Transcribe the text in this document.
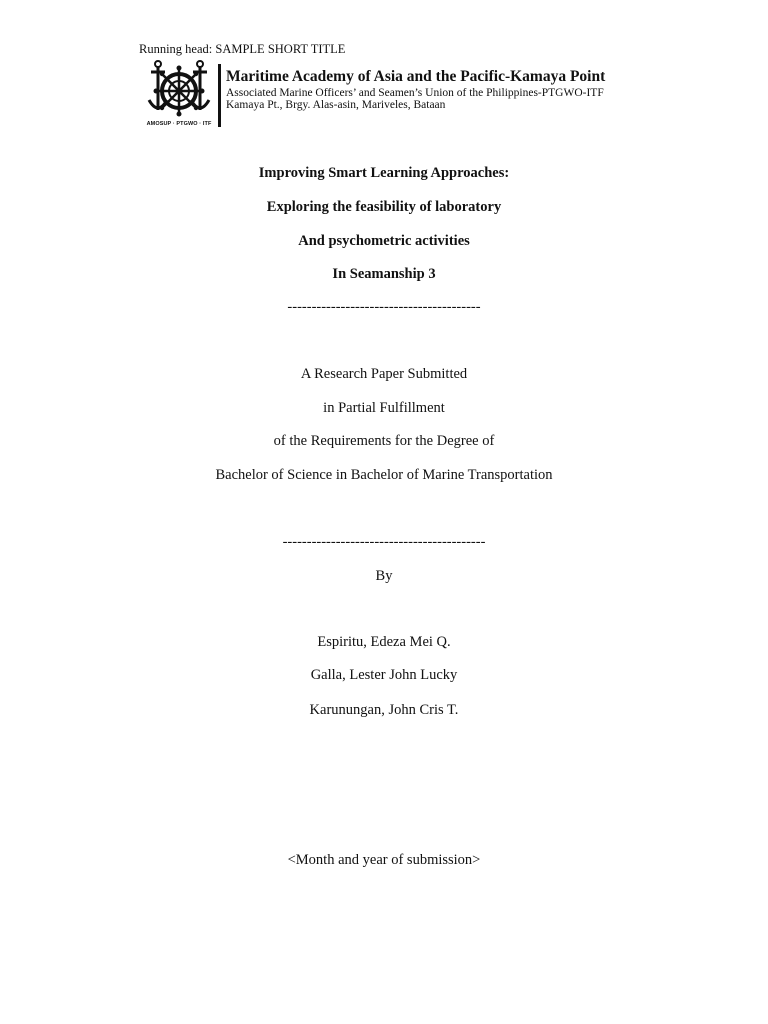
Running head: SAMPLE SHORT TITLE
AMOSUP · PTGWO · ITF
Maritime Academy of Asia and the Pacific-Kamaya Point
Associated Marine Officers’ and Seamen’s Union of the Philippines-PTGWO-ITF
Kamaya Pt., Brgy. Alas-asin, Mariveles, Bataan
Improving Smart Learning Approaches:
Exploring the feasibility of laboratory
And psychometric activities
In Seamanship 3
----------------------------------------
A Research Paper Submitted
in Partial Fulfillment
of the Requirements for the Degree of
Bachelor of Science in Bachelor of Marine Transportation
------------------------------------------
By
Espiritu, Edeza Mei Q.
Galla, Lester John Lucky
Karunungan, John Cris T.
<Month and year of submission>
